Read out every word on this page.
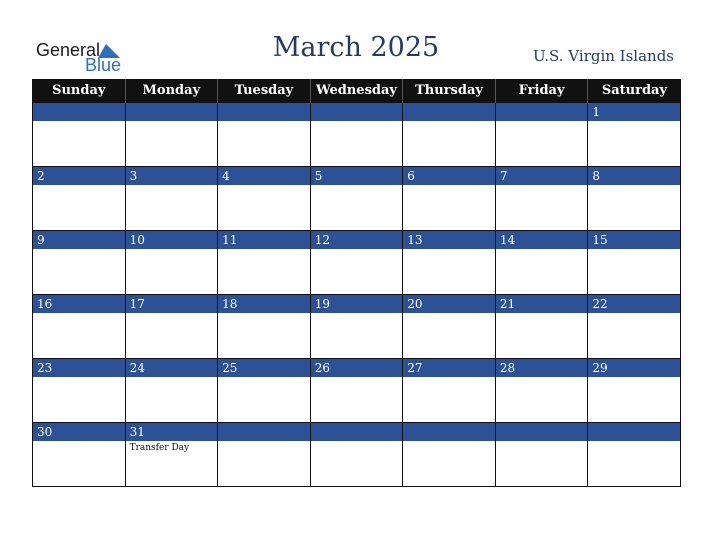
General
Blue
March 2025	U.S. Virgin Islands
Sunday	Monday	Tuesday	Wednesday	Thursday	Friday	Saturday

						1

2	3	4	5	6	7	8

9	10	11	12	13	14	15

16	17	18	19	20	21	22

23	24	25	26	27	28	29

30	31
Transfer Day					
